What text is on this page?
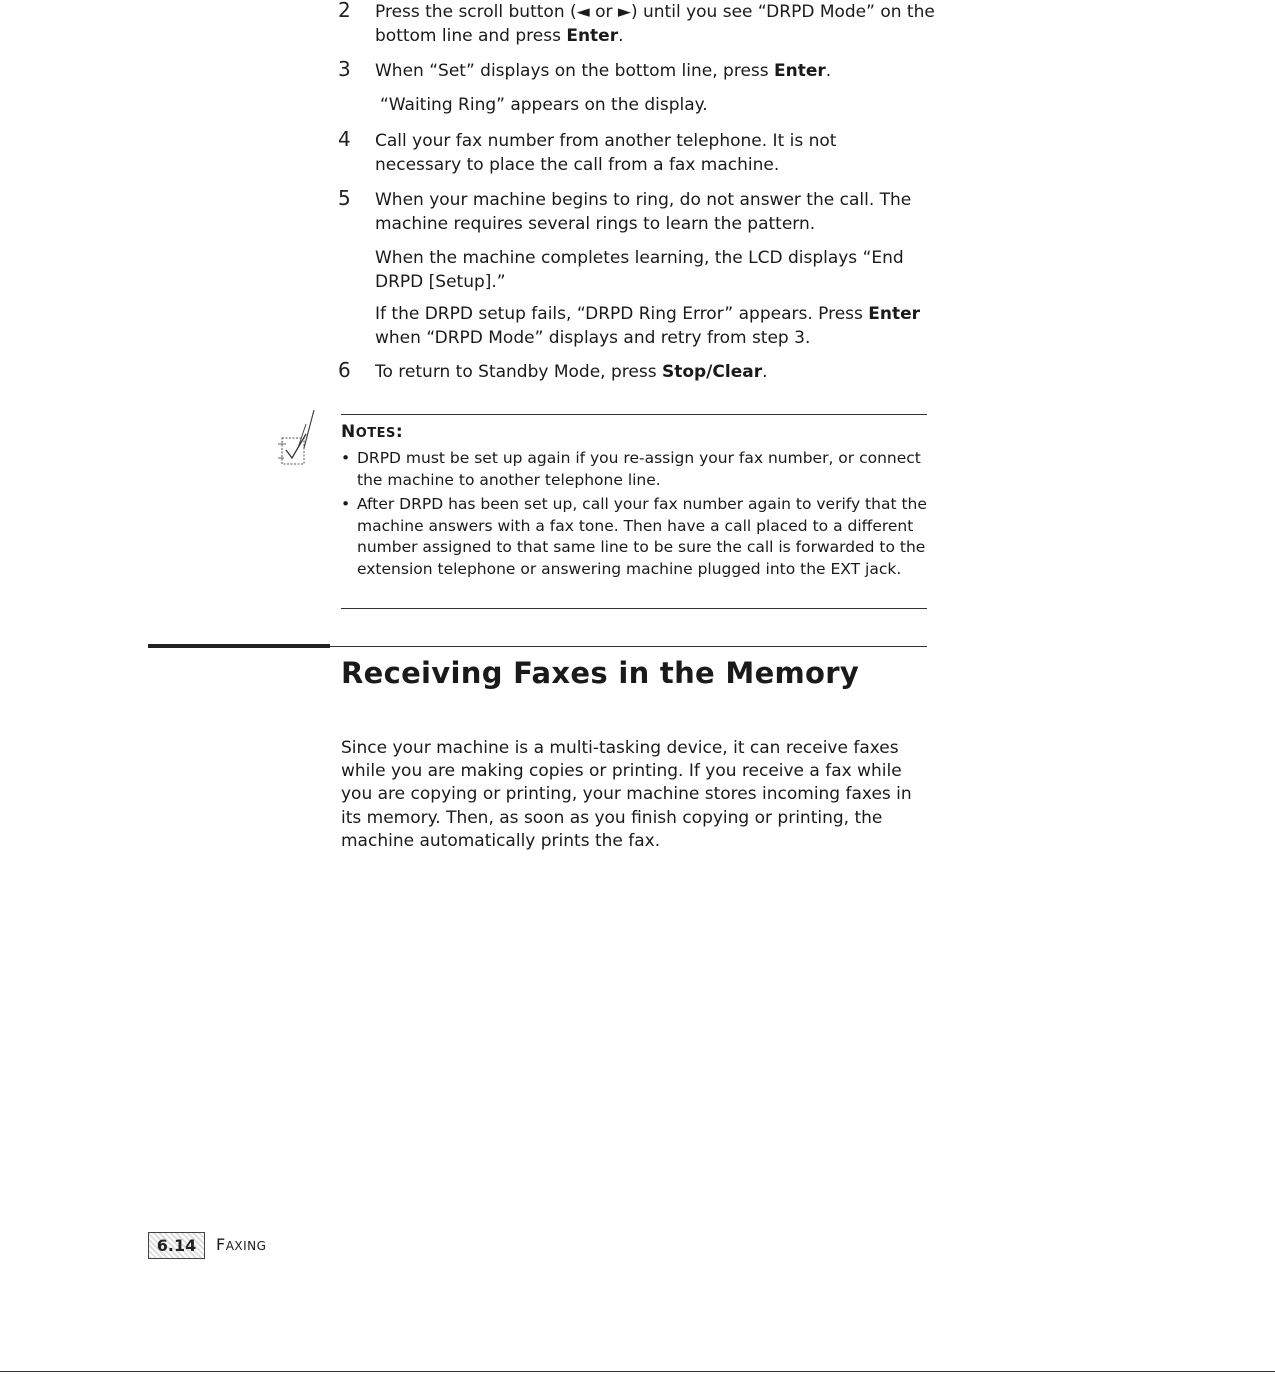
2 Press the scroll button (◄ or ►) until you see “DRPD Mode” on the bottom line and press Enter.
3 When “Set” displays on the bottom line, press Enter.
“Waiting Ring” appears on the display.
4 Call your fax number from another telephone. It is not necessary to place the call from a fax machine.
5 When your machine begins to ring, do not answer the call. The machine requires several rings to learn the pattern.
When the machine completes learning, the LCD displays “End DRPD [Setup].”
If the DRPD setup fails, “DRPD Ring Error” appears. Press Enter when “DRPD Mode” displays and retry from step 3.
6 To return to Standby Mode, press Stop/Clear.
NOTES:
• DRPD must be set up again if you re-assign your fax number, or connect the machine to another telephone line.
• After DRPD has been set up, call your fax number again to verify that the machine answers with a fax tone. Then have a call placed to a different number assigned to that same line to be sure the call is forwarded to the extension telephone or answering machine plugged into the EXT jack.
Receiving Faxes in the Memory
Since your machine is a multi-tasking device, it can receive faxes while you are making copies or printing. If you receive a fax while you are copying or printing, your machine stores incoming faxes in its memory. Then, as soon as you finish copying or printing, the machine automatically prints the fax.
6.14	FAXING
